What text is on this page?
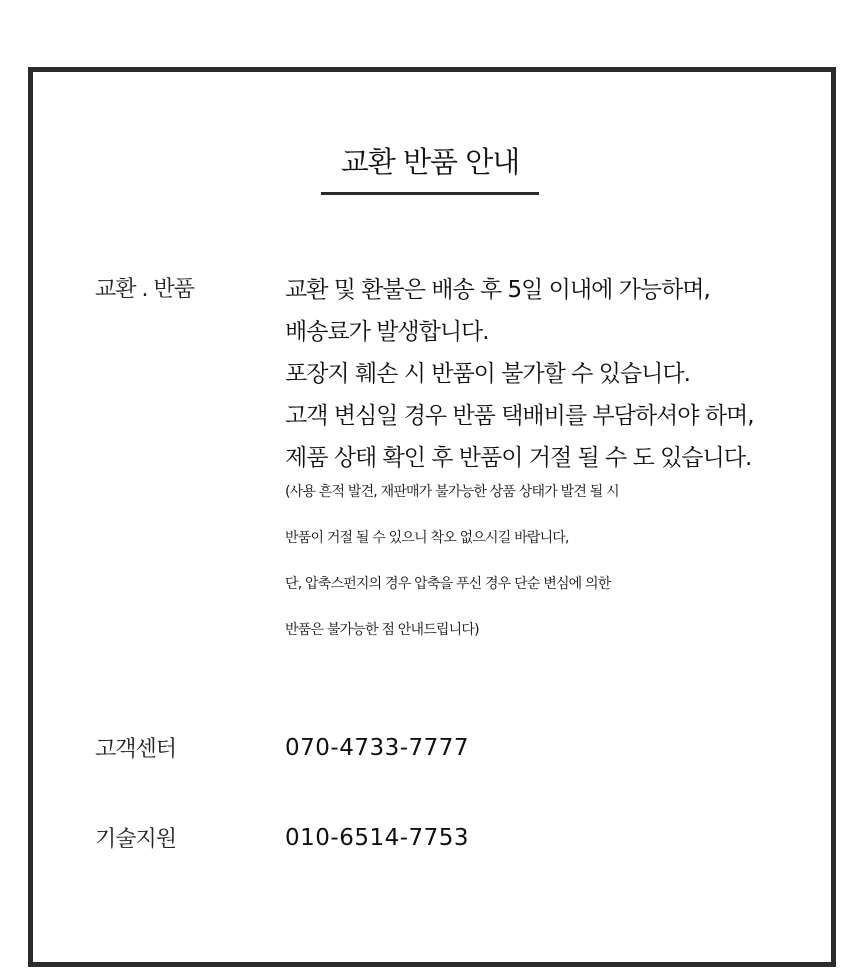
교환 반품 안내
교환 . 반품	교환 및 환불은 배송 후 5일 이내에 가능하며,
배송료가 발생합니다.
포장지 훼손 시 반품이 불가할 수 있습니다.
고객 변심일 경우 반품 택배비를 부담하셔야 하며,
제품 상태 확인 후 반품이 거절 될 수 도 있습니다.
(사용 흔적 발견, 재판매가 불가능한 상품 상태가 발견 될 시
반품이 거절 될 수 있으니 착오 없으시길 바랍니다,
단, 압축스펀지의 경우 압축을 푸신 경우 단순 변심에 의한
반품은 불가능한 점 안내드립니다)
고객센터	070-4733-7777
기술지원	010-6514-7753
